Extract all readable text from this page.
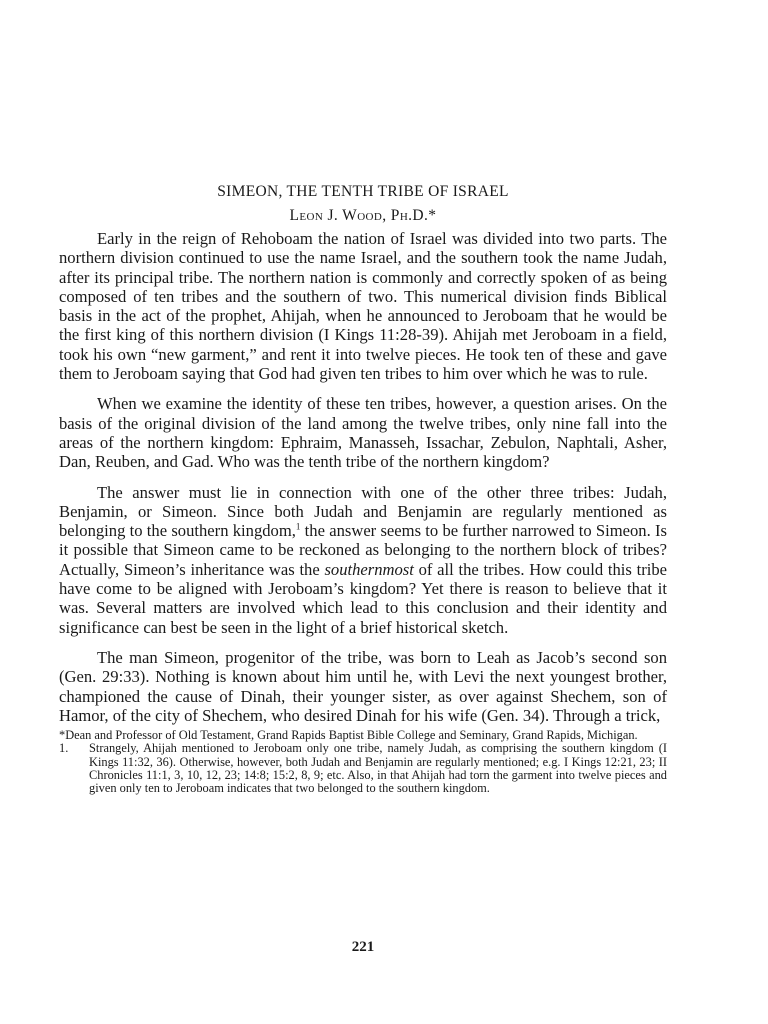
SIMEON, THE TENTH TRIBE OF ISRAEL
Leon J. Wood, Ph.D.*

Early in the reign of Rehoboam the nation of Israel was divided into two parts. The northern division continued to use the name Israel, and the southern took the name Judah, after its principal tribe. The northern nation is commonly and correctly spoken of as being composed of ten tribes and the southern of two. This numerical division finds Biblical basis in the act of the prophet, Ahijah, when he announced to Jeroboam that he would be the first king of this northern division (I Kings 11:28-39). Ahijah met Jeroboam in a field, took his own “new garment,” and rent it into twelve pieces. He took ten of these and gave them to Jeroboam saying that God had given ten tribes to him over which he was to rule.

When we examine the identity of these ten tribes, however, a question arises. On the basis of the original division of the land among the twelve tribes, only nine fall into the areas of the northern kingdom: Ephraim, Manasseh, Issachar, Zebulon, Naphtali, Asher, Dan, Reuben, and Gad. Who was the tenth tribe of the northern kingdom?

The answer must lie in connection with one of the other three tribes: Judah, Benjamin, or Simeon. Since both Judah and Benjamin are regularly mentioned as belonging to the southern kingdom,$^1$ the answer seems to be further narrowed to Simeon. Is it possible that Simeon came to be reckoned as belonging to the northern block of tribes? Actually, Simeon’s inheritance was the southernmost of all the tribes. How could this tribe have come to be aligned with Jeroboam’s kingdom? Yet there is reason to believe that it was. Several matters are involved which lead to this conclusion and their identity and significance can best be seen in the light of a brief historical sketch.

The man Simeon, progenitor of the tribe, was born to Leah as Jacob’s second son (Gen. 29:33). Nothing is known about him until he, with Levi the next youngest brother, championed the cause of Dinah, their younger sister, as over against Shechem, son of Hamor, of the city of Shechem, who desired Dinah for his wife (Gen. 34). Through a trick,

*Dean and Professor of Old Testament, Grand Rapids Baptist Bible College and Seminary, Grand Rapids, Michigan.

1. Strangely, Ahijah mentioned to Jeroboam only one tribe, namely Judah, as comprising the southern kingdom (I Kings 11:32, 36). Otherwise, however, both Judah and Benjamin are regularly mentioned; e.g. I Kings 12:21, 23; II Chronicles 11:1, 3, 10, 12, 23; 14:8; 15:2, 8, 9; etc. Also, in that Ahijah had torn the garment into twelve pieces and given only ten to Jeroboam indicates that two belonged to the southern kingdom.

221
